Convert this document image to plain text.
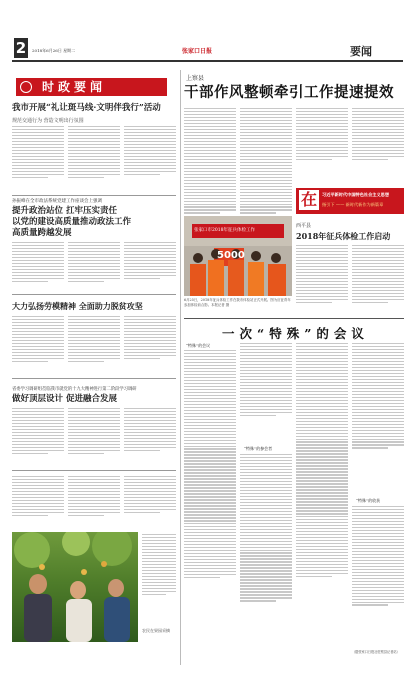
2	2018年6月26日 星期二	张家口日报	要闻
时政要闻
我市开展“礼让斑马线·文明伴我行”活动
规范交通行为 营造文明出行氛围
孙振峰在全市政法系统党建工作座谈会上强调
提升政治站位 扛牢压实责任
以党的建设高质量推动政法工作
高质量跨越发展
大力弘扬劳模精神 全面助力脱贫攻坚
省委学习调研组莅临我市就党的十九大精神进行第二阶段学习调研
做好顶层设计 促进融合发展
农民在果园采摘
上察县
干部作风整顿牵引工作提速提效
在	习近平新时代中国特色社会主义思想
指引下 —— 新时代新作为新篇章
张家口市2018年征兵体检工作
5000
6月25日，2018年征兵体检工作在我市体检站正式开展。图为应征青年参加体检前合影。本报记者 摄
西平县
2018年征兵体检工作启动
一次“特殊”的会议
“特殊”的会议
“特殊”的参会者
“特殊”的收获
（据张家口日报社驻察县记者站）
